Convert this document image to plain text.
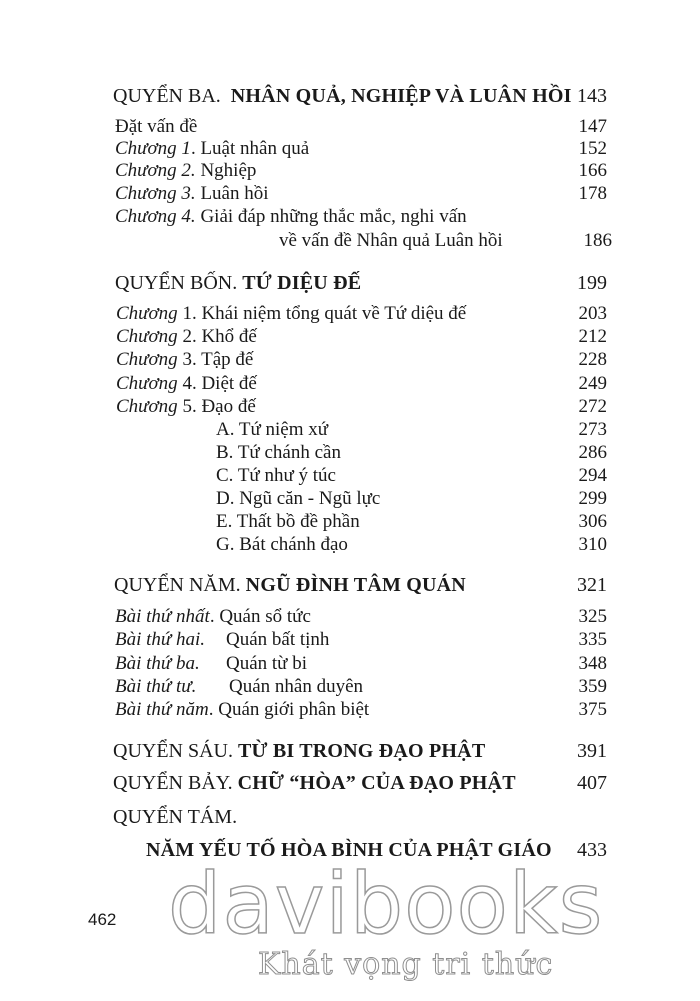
QUYỂN BA. NHÂN QUẢ, NGHIỆP VÀ LUÂN HỒI 143
Đặt vấn đề	147
Chương 1. Luật nhân quả	152
Chương 2. Nghiệp	166
Chương 3. Luân hồi	178
Chương 4. Giải đáp những thắc mắc, nghi vấn
về vấn đề Nhân quả Luân hồi	186
QUYỂN BỐN. TỨ DIỆU ĐẾ	199
Chương 1. Khái niệm tổng quát về Tứ diệu đế	203
Chương 2. Khổ đế	212
Chương 3. Tập đế	228
Chương 4. Diệt đế	249
Chương 5. Đạo đế	272
A. Tứ niệm xứ	273
B. Tứ chánh cần	286
C. Tứ như ý túc	294
D. Ngũ căn - Ngũ lực	299
E. Thất bồ đề phần	306
G. Bát chánh đạo	310
QUYỂN NĂM. NGŨ ĐÌNH TÂM QUÁN	321
Bài thứ nhất. Quán sổ tức	325
Bài thứ hai. Quán bất tịnh	335
Bài thứ ba. Quán từ bi	348
Bài thứ tư. Quán nhân duyên	359
Bài thứ năm. Quán giới phân biệt	375
QUYỂN SÁU. TỪ BI TRONG ĐẠO PHẬT	391
QUYỂN BẢY. CHỮ “HÒA” CỦA ĐẠO PHẬT	407
QUYỂN TÁM.
NĂM YẾU TỐ HÒA BÌNH CỦA PHẬT GIÁO 433
462 davibooks
Khát vọng tri thức
